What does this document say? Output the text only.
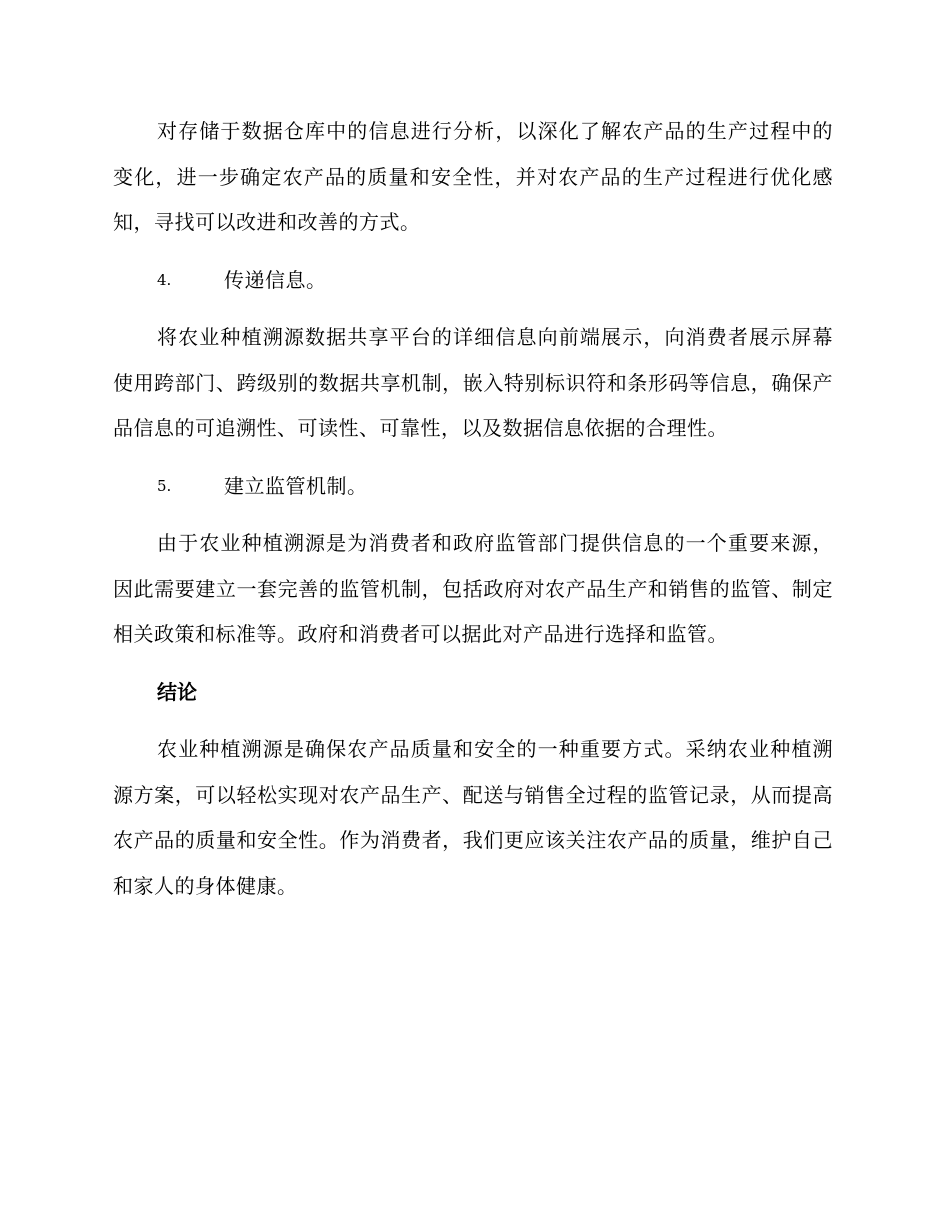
对存储于数据仓库中的信息进行分析，以深化了解农产品的生产过程中的变化，进一步确定农产品的质量和安全性，并对农产品的生产过程进行优化感知，寻找可以改进和改善的方式。

4.	传递信息。

将农业种植溯源数据共享平台的详细信息向前端展示，向消费者展示屏幕使用跨部门、跨级别的数据共享机制，嵌入特别标识符和条形码等信息，确保产品信息的可追溯性、可读性、可靠性，以及数据信息依据的合理性。

5.	建立监管机制。

由于农业种植溯源是为消费者和政府监管部门提供信息的一个重要来源，因此需要建立一套完善的监管机制，包括政府对农产品生产和销售的监管、制定相关政策和标准等。政府和消费者可以据此对产品进行选择和监管。

结论

农业种植溯源是确保农产品质量和安全的一种重要方式。采纳农业种植溯源方案，可以轻松实现对农产品生产、配送与销售全过程的监管记录，从而提高农产品的质量和安全性。作为消费者，我们更应该关注农产品的质量，维护自己和家人的身体健康。
